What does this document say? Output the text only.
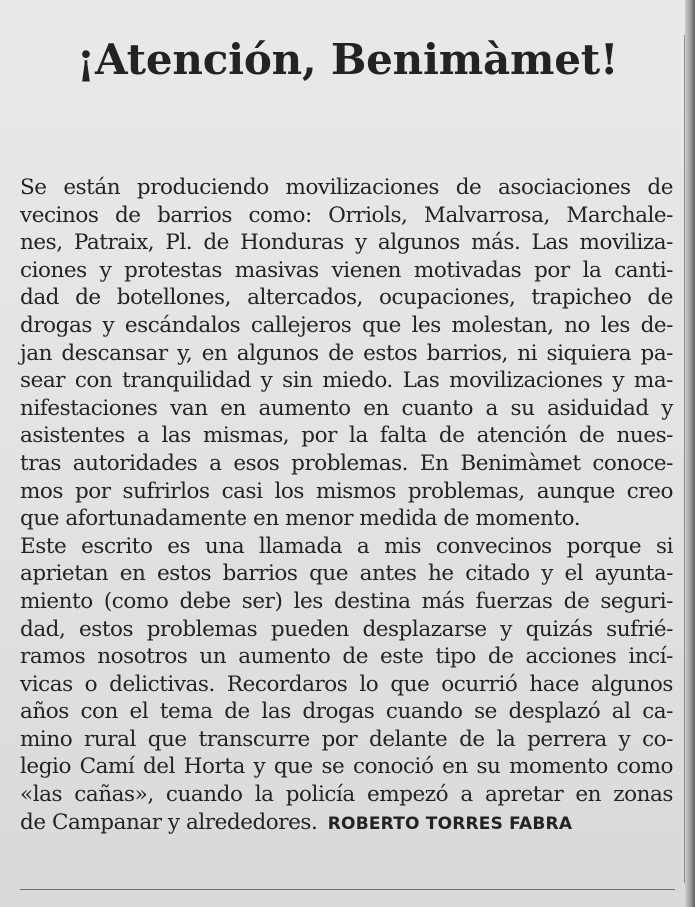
¡Atención, Benimàmet!
Se están produciendo movilizaciones de asociaciones de
vecinos de barrios como: Orriols, Malvarrosa, Marchale-
nes, Patraix, Pl. de Honduras y algunos más. Las moviliza-
ciones y protestas masivas vienen motivadas por la canti-
dad de botellones, altercados, ocupaciones, trapicheo de
drogas y escándalos callejeros que les molestan, no les de-
jan descansar y, en algunos de estos barrios, ni siquiera pa-
sear con tranquilidad y sin miedo. Las movilizaciones y ma-
nifestaciones van en aumento en cuanto a su asiduidad y
asistentes a las mismas, por la falta de atención de nues-
tras autoridades a esos problemas. En Benimàmet conoce-
mos por sufrirlos casi los mismos problemas, aunque creo
que afortunadamente en menor medida de momento.
Este escrito es una llamada a mis convecinos porque si
aprietan en estos barrios que antes he citado y el ayunta-
miento (como debe ser) les destina más fuerzas de seguri-
dad, estos problemas pueden desplazarse y quizás sufrié-
ramos nosotros un aumento de este tipo de acciones incí-
vicas o delictivas. Recordaros lo que ocurrió hace algunos
años con el tema de las drogas cuando se desplazó al ca-
mino rural que transcurre por delante de la perrera y co-
legio Camí del Horta y que se conoció en su momento como
«las cañas», cuando la policía empezó a apretar en zonas
de Campanar y alrededores. ROBERTO TORRES FABRA
